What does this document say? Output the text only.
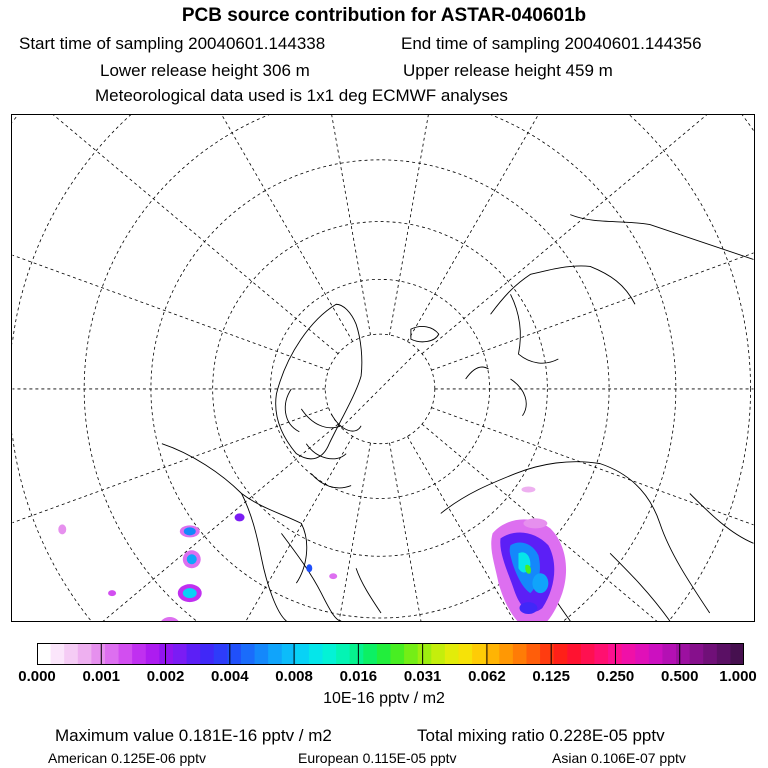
PCB source contribution for ASTAR-040601b
Start time of sampling 20040601.144338	End time of sampling 20040601.144356
Lower release height 306 m	Upper release height 459 m
Meteorological data used is 1x1 deg ECMWF analyses
0.000 0.001 0.002 0.004 0.008 0.016 0.031 0.062 0.125 0.250 0.500 1.000
10E-16 pptv / m2
Maximum value 0.181E-16 pptv / m2	Total mixing ratio 0.228E-05 pptv
American 0.125E-06 pptv	European 0.115E-05 pptv	Asian 0.106E-07 pptv
